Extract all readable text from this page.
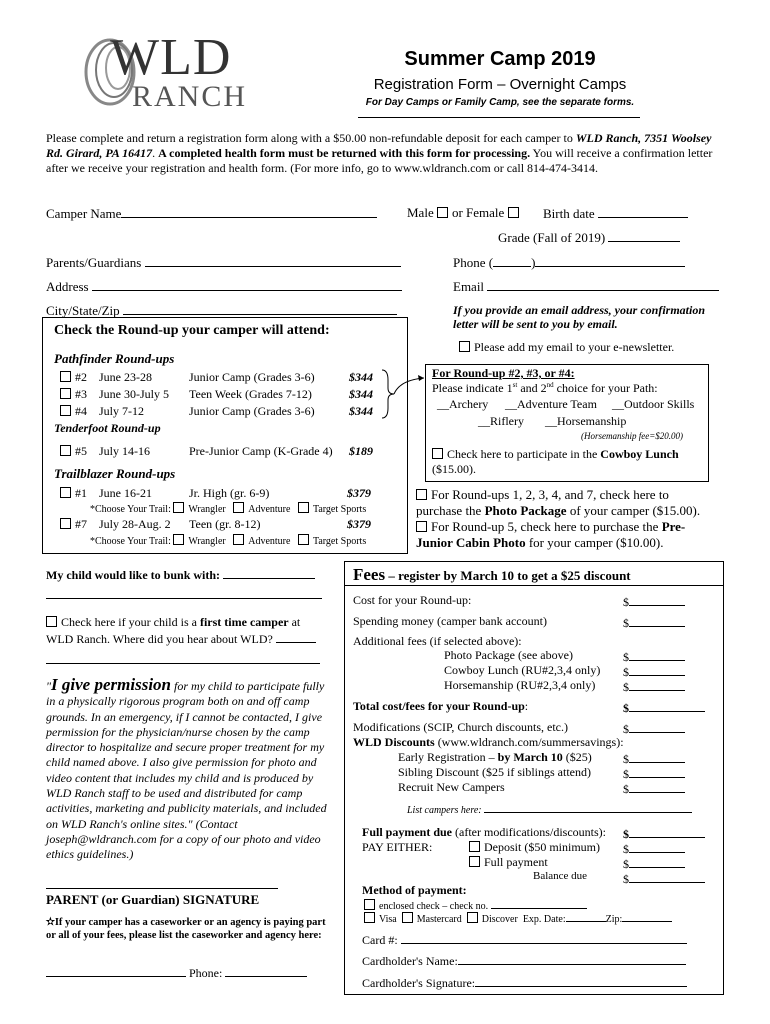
WLD
RANCH
Summer Camp 2019
Registration Form – Overnight Camps
For Day Camps or Family Camp, see the separate forms.
Please complete and return a registration form along with a $50.00 non-refundable deposit for each camper to WLD Ranch, 7351 Woolsey Rd. Girard, PA 16417. A completed health form must be returned with this form for processing. You will receive a confirmation letter after we receive your registration and health form. (For more info, go to www.wldranch.com or call 814-474-3414.
Camper Name	Male or Female	Birth date
Grade (Fall of 2019)
Parents/Guardians	Phone (	)
Address	Email
City/State/Zip	If you provide an email address, your confirmation letter will be sent to you by email.
Please add my email to your e-newsletter.
Check the Round-up your camper will attend:
Pathfinder Round-ups
#2 June 23-28	Junior Camp (Grades 3-6)	$344
#3 June 30-July 5 Teen Week (Grades 7-12)	$344
#4 July 7-12	Junior Camp (Grades 3-6)	$344
Tenderfoot Round-up
#5 July 14-16	Pre-Junior Camp (K-Grade 4) $189
Trailblazer Round-ups
#1 June 16-21	Jr. High (gr. 6-9)	$379
*Choose Your Trail: Wrangler Adventure Target Sports
#7 July 28-Aug. 2 Teen (gr. 8-12)	$379
*Choose Your Trail: Wrangler Adventure Target Sports
For Round-up #2, #3, or #4:
Please indicate 1st and 2nd choice for your Path:
__Archery __Adventure Team __Outdoor Skills
__Riflery __Horsemanship
(Horsemanship fee=$20.00)
Check here to participate in the Cowboy Lunch
($15.00).
For Round-ups 1, 2, 3, 4, and 7, check here to
purchase the Photo Package of your camper ($15.00).
For Round-up 5, check here to purchase the Pre-
Junior Cabin Photo for your camper ($10.00).
My child would like to bunk with:
Check here if your child is a first time camper at
WLD Ranch. Where did you hear about WLD?
"I give permission for my child to participate fully in a physically rigorous program both on and off camp grounds. In an emergency, if I cannot be contacted, I give permission for the physician/nurse chosen by the camp director to hospitalize and secure proper treatment for my child named above. I also give permission for photo and video content that includes my child and is produced by WLD Ranch staff to be used and distributed for camp activities, marketing and publicity materials, and included on WLD Ranch's online sites." (Contact joseph@wldranch.com for a copy of our photo and video ethics guidelines.)
PARENT (or Guardian) SIGNATURE
✫If your camper has a caseworker or an agency is paying part or all of your fees, please list the caseworker and agency here:
Phone:
Fees – register by March 10 to get a $25 discount
Cost for your Round-up:	$
Spending money (camper bank account)	$
Additional fees (if selected above):
Photo Package (see above)	$
Cowboy Lunch (RU#2,3,4 only) $
Horsemanship (RU#2,3,4 only) $
Total cost/fees for your Round-up:	$
Modifications (SCIP, Church discounts, etc.)	$
WLD Discounts (www.wldranch.com/summersavings):
Early Registration – by March 10 ($25)	$
Sibling Discount ($25 if siblings attend)	$
Recruit New Campers	$
List campers here:
Full payment due (after modifications/discounts): $
PAY EITHER:	Deposit ($50 minimum) $
Full payment	$
Balance due	$
Method of payment:
enclosed check – check no.
Visa Mastercard Discover Exp. Date:	Zip:
Card #:
Cardholder's Name:
Cardholder's Signature:
